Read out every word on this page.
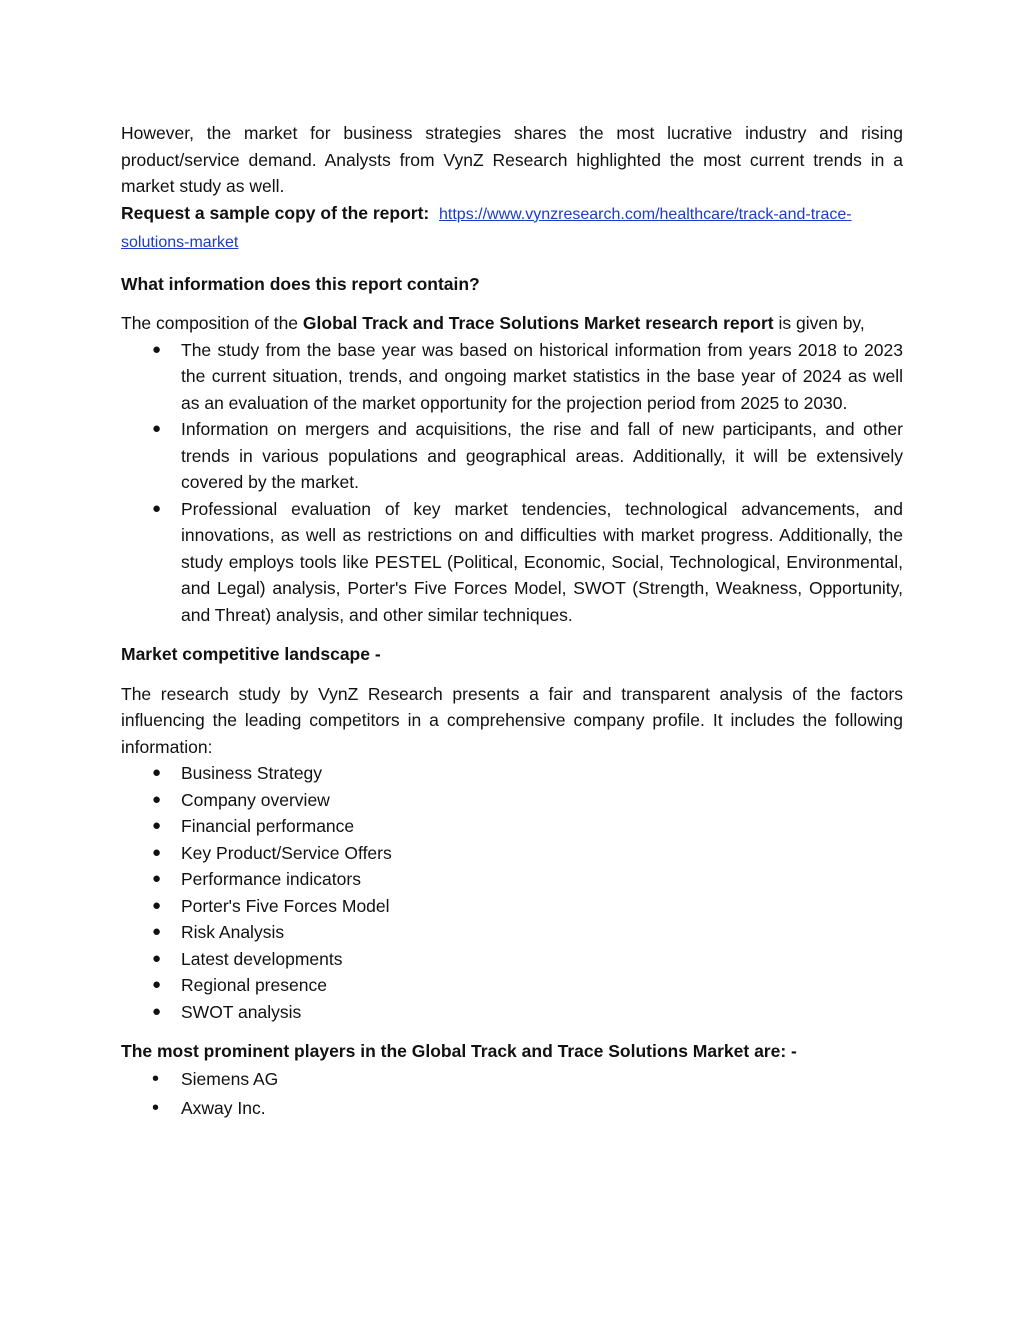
However, the market for business strategies shares the most lucrative industry and rising product/service demand. Analysts from VynZ Research highlighted the most current trends in a market study as well.

Request a sample copy of the report: https://www.vynzresearch.com/healthcare/track-and-trace-solutions-market

What information does this report contain?

The composition of the Global Track and Trace Solutions Market research report is given by,

● The study from the base year was based on historical information from years 2018 to 2023 the current situation, trends, and ongoing market statistics in the base year of 2024 as well as an evaluation of the market opportunity for the projection period from 2025 to 2030.
● Information on mergers and acquisitions, the rise and fall of new participants, and other trends in various populations and geographical areas. Additionally, it will be extensively covered by the market.
● Professional evaluation of key market tendencies, technological advancements, and innovations, as well as restrictions on and difficulties with market progress. Additionally, the study employs tools like PESTEL (Political, Economic, Social, Technological, Environmental, and Legal) analysis, Porter's Five Forces Model, SWOT (Strength, Weakness, Opportunity, and Threat) analysis, and other similar techniques.

Market competitive landscape -

The research study by VynZ Research presents a fair and transparent analysis of the factors influencing the leading competitors in a comprehensive company profile. It includes the following information:

● Business Strategy
● Company overview
● Financial performance
● Key Product/Service Offers
● Performance indicators
● Porter's Five Forces Model
● Risk Analysis
● Latest developments
● Regional presence
● SWOT analysis

The most prominent players in the Global Track and Trace Solutions Market are: -

• Siemens AG
• Axway Inc.
